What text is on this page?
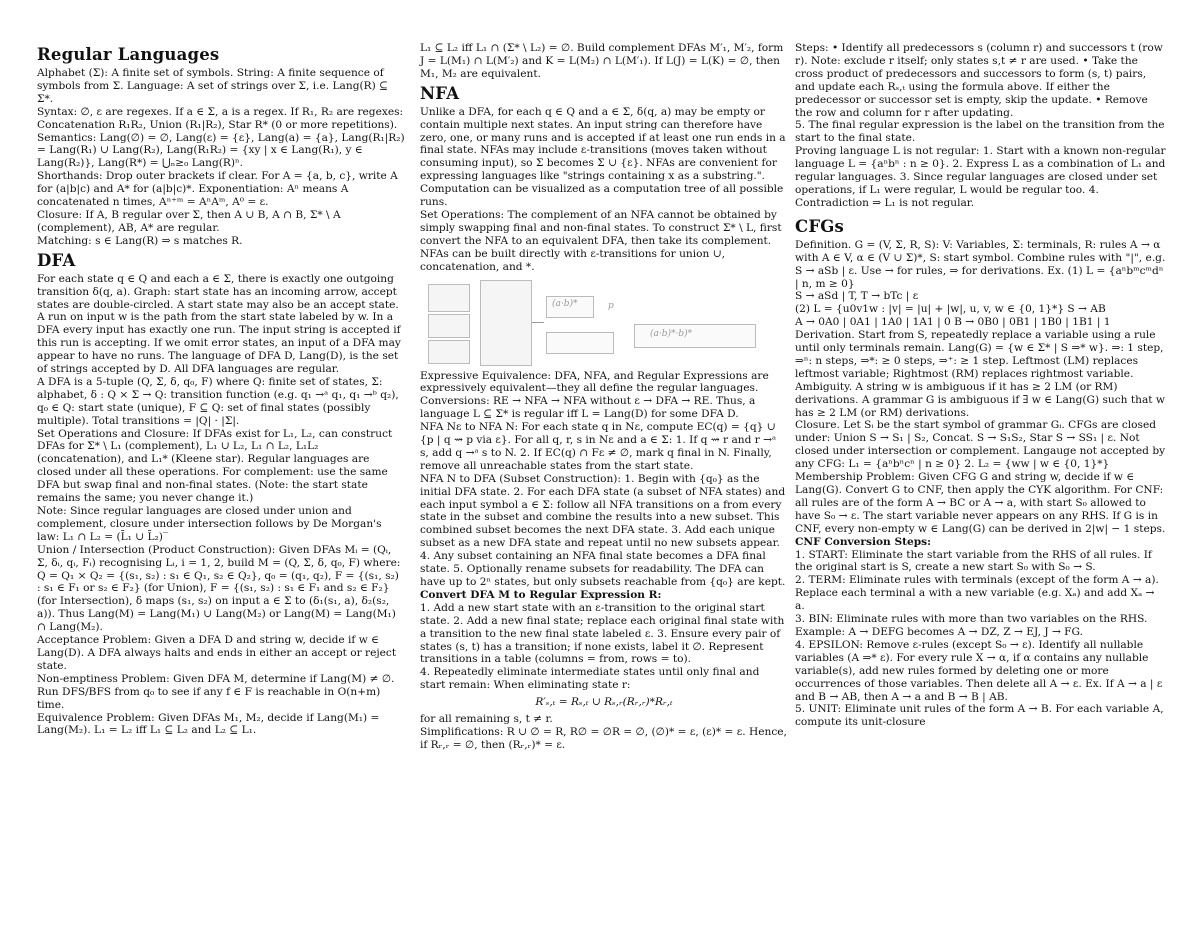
Regular Languages

Alphabet (Σ): A finite set of symbols. String: A finite sequence of symbols from Σ. Language: A set of strings over Σ, i.e. Lang(R) ⊆ Σ*.

Syntax: ∅, ε are regexes. If a ∈ Σ, a is a regex. If R₁, R₂ are regexes: Concatenation R₁R₂, Union (R₁|R₂), Star R* (0 or more repetitions).

Semantics: Lang(∅) = ∅, Lang(ε) = {ε}, Lang(a) = {a}, Lang(R₁|R₂) = Lang(R₁) ∪ Lang(R₂), Lang(R₁R₂) = {xy | x ∈ Lang(R₁), y ∈ Lang(R₂)}, Lang(R*) = ⋃ₙ≥₀ Lang(R)ⁿ.

Shorthands: Drop outer brackets if clear. For A = {a, b, c}, write A for (a|b|c) and A* for (a|b|c)*. Exponentiation: Aⁿ means A concatenated n times, Aⁿ⁺ᵐ = AⁿAᵐ, A⁰ = ε.

Closure: If A, B regular over Σ, then A ∪ B, A ∩ B, Σ* \ A (complement), AB, A* are regular.

Matching: s ∈ Lang(R) ⇒ s matches R.

DFA

For each state q ∈ Q and each a ∈ Σ, there is exactly one outgoing transition δ(q, a). Graph: start state has an incoming arrow, accept states are double-circled. A start state may also be an accept state. A run on input w is the path from the start state labeled by w. In a DFA every input has exactly one run. The input string is accepted if this run is accepting. If we omit error states, an input of a DFA may appear to have no runs. The language of DFA D, Lang(D), is the set of strings accepted by D. All DFA languages are regular.

A DFA is a 5-tuple (Q, Σ, δ, q₀, F) where Q: finite set of states, Σ: alphabet, δ : Q × Σ → Q: transition function (e.g. q₁ →ᵃ q₁, q₁ →ᵇ q₂), q₀ ∈ Q: start state (unique), F ⊆ Q: set of final states (possibly multiple). Total transitions = |Q| · |Σ|.

Set Operations and Closure: If DFAs exist for L₁, L₂, can construct DFAs for Σ* \ L₁ (complement), L₁ ∪ L₂, L₁ ∩ L₂, L₁L₂ (concatenation), and L₁* (Kleene star). Regular languages are closed under all these operations. For complement: use the same DFA but swap final and non-final states. (Note: the start state remains the same; you never change it.)

Note: Since regular languages are closed under union and complement, closure under intersection follows by De Morgan's law: L₁ ∩ L₂ = (L̄₁ ∪ L̄₂)‾

Union / Intersection (Product Construction): Given DFAs Mᵢ = (Qᵢ, Σ, δᵢ, qᵢ, Fᵢ) recognising Lᵢ, i = 1, 2, build M = (Q, Σ, δ, q₀, F) where: Q = Q₁ × Q₂ = {(s₁, s₂) : s₁ ∈ Q₁, s₂ ∈ Q₂}, q₀ = (q₁, q₂), F = {(s₁, s₂) : s₁ ∈ F₁ or s₂ ∈ F₂} (for Union), F = {(s₁, s₂) : s₁ ∈ F₁ and s₂ ∈ F₂} (for Intersection), δ maps (s₁, s₂) on input a ∈ Σ to (δ₁(s₁, a), δ₂(s₂, a)). Thus Lang(M) = Lang(M₁) ∪ Lang(M₂) or Lang(M) = Lang(M₁) ∩ Lang(M₂).

Acceptance Problem: Given a DFA D and string w, decide if w ∈ Lang(D). A DFA always halts and ends in either an accept or reject state.

Non-emptiness Problem: Given DFA M, determine if Lang(M) ≠ ∅. Run DFS/BFS from q₀ to see if any f ∈ F is reachable in O(n+m) time.

Equivalence Problem: Given DFAs M₁, M₂, decide if Lang(M₁) = Lang(M₂). L₁ = L₂ iff L₁ ⊆ L₂ and L₂ ⊆ L₁.

L₁ ⊆ L₂ iff L₁ ∩ (Σ* \ L₂) = ∅. Build complement DFAs M′₁, M′₂, form J = L(M₁) ∩ L(M′₂) and K = L(M₂) ∩ L(M′₁). If L(J) = L(K) = ∅, then M₁, M₂ are equivalent.

NFA

Unlike a DFA, for each q ∈ Q and a ∈ Σ, δ(q, a) may be empty or contain multiple next states. An input string can therefore have zero, one, or many runs and is accepted if at least one run ends in a final state. NFAs may include ε-transitions (moves taken without consuming input), so Σ becomes Σ ∪ {ε}. NFAs are convenient for expressing languages like "strings containing x as a substring.". Computation can be visualized as a computation tree of all possible runs.

Set Operations: The complement of an NFA cannot be obtained by simply swapping final and non-final states. To construct Σ* \ L, first convert the NFA to an equivalent DFA, then take its complement. NFAs can be built directly with ε-transitions for union ∪, concatenation, and *.

p
(a·b)*
(a·b)*·b)*

Expressive Equivalence: DFA, NFA, and Regular Expressions are expressively equivalent—they all define the regular languages. Conversions: RE → NFA → NFA without ε → DFA → RE. Thus, a language L ⊆ Σ* is regular iff L = Lang(D) for some DFA D.

NFA Nε to NFA N: For each state q in Nε, compute EC(q) = {q} ∪ {p | q ⇝ p via ε}. For all q, r, s in Nε and a ∈ Σ: 1. If q ⇝ r and r →ᵃ s, add q →ᵃ s to N. 2. If EC(q) ∩ Fε ≠ ∅, mark q final in N. Finally, remove all unreachable states from the start state.

NFA N to DFA (Subset Construction): 1. Begin with {q₀} as the initial DFA state. 2. For each DFA state (a subset of NFA states) and each input symbol a ∈ Σ: follow all NFA transitions on a from every state in the subset and combine the results into a new subset. This combined subset becomes the next DFA state. 3. Add each unique subset as a new DFA state and repeat until no new subsets appear. 4. Any subset containing an NFA final state becomes a DFA final state. 5. Optionally rename subsets for readability. The DFA can have up to 2ⁿ states, but only subsets reachable from {q₀} are kept.

Convert DFA M to Regular Expression R:

1. Add a new start state with an ε-transition to the original start state. 2. Add a new final state; replace each original final state with a transition to the new final state labeled ε. 3. Ensure every pair of states (s, t) has a transition; if none exists, label it ∅. Represent transitions in a table (columns = from, rows = to).

4. Repeatedly eliminate intermediate states until only final and start remain: When eliminating state r:

R′ₛ,ₜ = Rₛ,ₜ ∪ Rₛ,ᵣ(Rᵣ,ᵣ)*Rᵣ,ₜ

for all remaining s, t ≠ r.

Simplifications: R ∪ ∅ = R, R∅ = ∅R = ∅, (∅)* = ε, (ε)* = ε. Hence, if Rᵣ,ᵣ = ∅, then (Rᵣ,ᵣ)* = ε.

Steps: • Identify all predecessors s (column r) and successors t (row r). Note: exclude r itself; only states s,t ≠ r are used. • Take the cross product of predecessors and successors to form (s, t) pairs, and update each Rₛ,ₜ using the formula above. If either the predecessor or successor set is empty, skip the update. • Remove the row and column for r after updating.

5. The final regular expression is the label on the transition from the start to the final state.

Proving language L is not regular: 1. Start with a known non-regular language L = {aⁿbⁿ : n ≥ 0}. 2. Express L as a combination of L₁ and regular languages. 3. Since regular languages are closed under set operations, if L₁ were regular, L would be regular too. 4. Contradiction ⇒ L₁ is not regular.

CFGs

Definition. G = (V, Σ, R, S): V: Variables, Σ: terminals, R: rules A → α with A ∈ V, α ∈ (V ∪ Σ)*, S: start symbol. Combine rules with "|", e.g. S → aSb | ε. Use → for rules, ⇒ for derivations. Ex. (1) L = {aⁿbᵐcᵐdⁿ | n, m ≥ 0}

S → aSd | T, T → bTc | ε

(2) L = {u0v1w : |v| = |u| + |w|, u, v, w ∈ {0, 1}*} S → AB

A → 0A0 | 0A1 | 1A0 | 1A1 | 0 B → 0B0 | 0B1 | 1B0 | 1B1 | 1

Derivation. Start from S, repeatedly replace a variable using a rule until only terminals remain. Lang(G) = {w ∈ Σ* | S ⇒* w}. ⇒: 1 step, ⇒ⁿ: n steps, ⇒*: ≥ 0 steps, ⇒⁺: ≥ 1 step. Leftmost (LM) replaces leftmost variable; Rightmost (RM) replaces rightmost variable.

Ambiguity. A string w is ambiguous if it has ≥ 2 LM (or RM) derivations. A grammar G is ambiguous if ∃ w ∈ Lang(G) such that w has ≥ 2 LM (or RM) derivations.

Closure. Let Sᵢ be the start symbol of grammar Gᵢ. CFGs are closed under: Union S → S₁ | S₂, Concat. S → S₁S₂, Star S → SS₁ | ε. Not closed under intersection or complement. Langauge not accepted by any CFG: L₁ = {aⁿbⁿcⁿ | n ≥ 0} 2. L₂ = {ww | w ∈ {0, 1}*}

Membership Problem: Given CFG G and string w, decide if w ∈ Lang(G). Convert G to CNF, then apply the CYK algorithm. For CNF: all rules are of the form A → BC or A → a, with start S₀ allowed to have S₀ → ε. The start variable never appears on any RHS. If G is in CNF, every non-empty w ∈ Lang(G) can be derived in 2|w| − 1 steps.

CNF Conversion Steps:

1. START: Eliminate the start variable from the RHS of all rules. If the original start is S, create a new start S₀ with S₀ → S.

2. TERM: Eliminate rules with terminals (except of the form A → a). Replace each terminal a with a new variable (e.g. Xₐ) and add Xₐ → a.

3. BIN: Eliminate rules with more than two variables on the RHS. Example: A → DEFG becomes A → DZ, Z → EJ, J → FG.

4. EPSILON: Remove ε-rules (except S₀ → ε). Identify all nullable variables (A ⇒* ε). For every rule X → α, if α contains any nullable variable(s), add new rules formed by deleting one or more occurrences of those variables. Then delete all A → ε. Ex. If A → a | ε and B → AB, then A → a and B → B | AB.

5. UNIT: Eliminate unit rules of the form A → B. For each variable A, compute its unit-closure
